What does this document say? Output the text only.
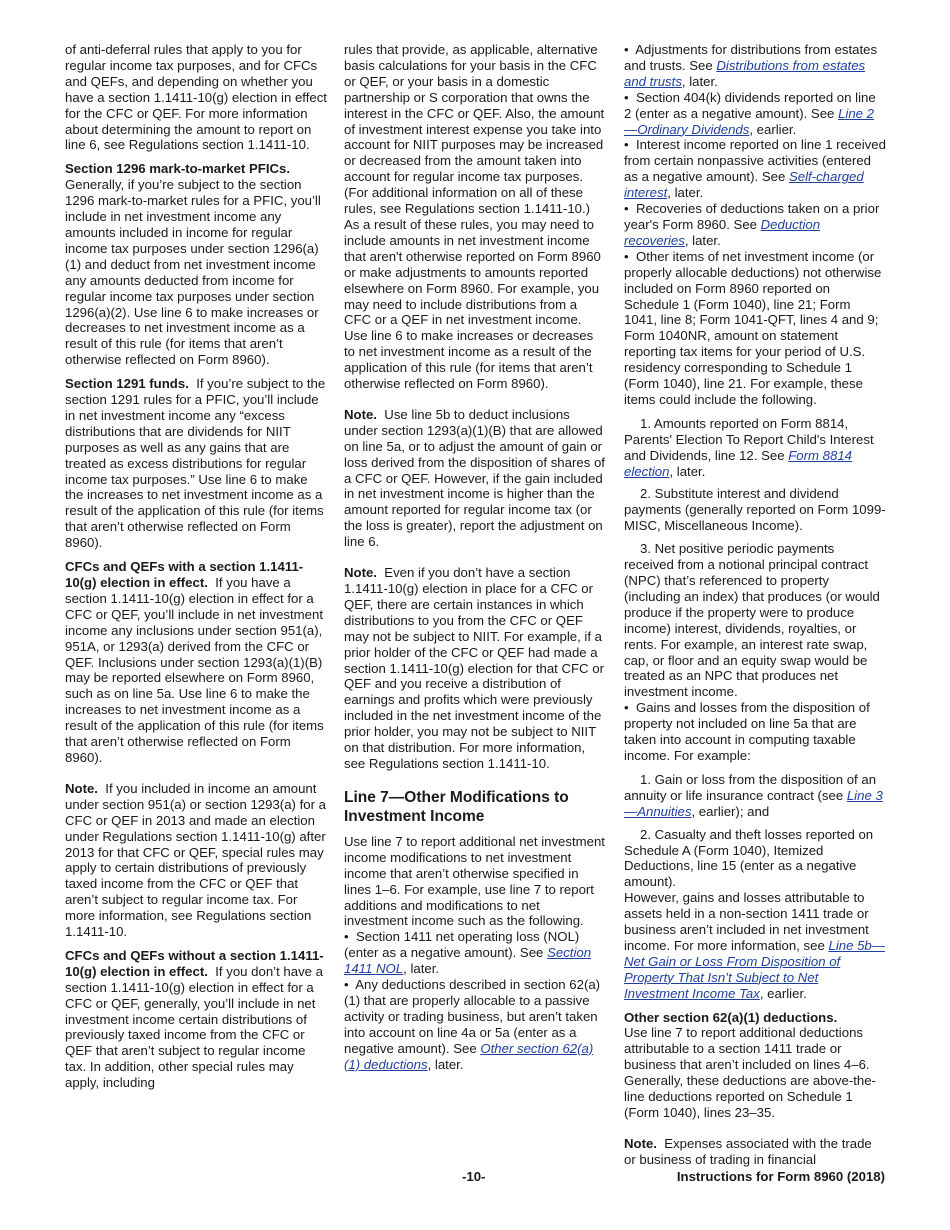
of anti-deferral rules that apply to you for regular income tax purposes, and for CFCs and QEFs, and depending on whether you have a section 1.1411-10(g) election in effect for the CFC or QEF. For more information about determining the amount to report on line 6, see Regulations section 1.1411-10.

Section 1296 mark-to-market PFICs. Generally, if you’re subject to the section 1296 mark-to-market rules for a PFIC, you’ll include in net investment income any amounts included in income for regular income tax purposes under section 1296(a)(1) and deduct from net investment income any amounts deducted from income for regular income tax purposes under section 1296(a)(2). Use line 6 to make increases or decreases to net investment income as a result of this rule (for items that aren’t otherwise reflected on Form 8960).

Section 1291 funds. If you’re subject to the section 1291 rules for a PFIC, you’ll include in net investment income any “excess distributions that are dividends for NIIT purposes as well as any gains that are treated as excess distributions for regular income tax purposes.” Use line 6 to make the increases to net investment income as a result of the application of this rule (for items that aren’t otherwise reflected on Form 8960).

CFCs and QEFs with a section 1.1411-10(g) election in effect. If you have a section 1.1411-10(g) election in effect for a CFC or QEF, you’ll include in net investment income any inclusions under section 951(a), 951A, or 1293(a) derived from the CFC or QEF. Inclusions under section 1293(a)(1)(B) may be reported elsewhere on Form 8960, such as on line 5a. Use line 6 to make the increases to net investment income as a result of the application of this rule (for items that aren’t otherwise reflected on Form 8960).

Note. If you included in income an amount under section 951(a) or section 1293(a) for a CFC or QEF in 2013 and made an election under Regulations section 1.1411-10(g) after 2013 for that CFC or QEF, special rules may apply to certain distributions of previously taxed income from the CFC or QEF that aren’t subject to regular income tax. For more information, see Regulations section 1.1411-10.

CFCs and QEFs without a section 1.1411-10(g) election in effect. If you don’t have a section 1.1411-10(g) election in effect for a CFC or QEF, generally, you’ll include in net investment income certain distributions of previously taxed income from the CFC or QEF that aren’t subject to regular income tax. In addition, other special rules may apply, including

rules that provide, as applicable, alternative basis calculations for your basis in the CFC or QEF, or your basis in a domestic partnership or S corporation that owns the interest in the CFC or QEF. Also, the amount of investment interest expense you take into account for NIIT purposes may be increased or decreased from the amount taken into account for regular income tax purposes. (For additional information on all of these rules, see Regulations section 1.1411-10.) As a result of these rules, you may need to include amounts in net investment income that aren't otherwise reported on Form 8960 or make adjustments to amounts reported elsewhere on Form 8960. For example, you may need to include distributions from a CFC or a QEF in net investment income. Use line 6 to make increases or decreases to net investment income as a result of the application of this rule (for items that aren’t otherwise reflected on Form 8960).

Note. Use line 5b to deduct inclusions under section 1293(a)(1)(B) that are allowed on line 5a, or to adjust the amount of gain or loss derived from the disposition of shares of a CFC or QEF. However, if the gain included in net investment income is higher than the amount reported for regular income tax (or the loss is greater), report the adjustment on line 6.

Note. Even if you don’t have a section 1.1411-10(g) election in place for a CFC or QEF, there are certain instances in which distributions to you from the CFC or QEF may not be subject to NIIT. For example, if a prior holder of the CFC or QEF had made a section 1.1411-10(g) election for that CFC or QEF and you receive a distribution of earnings and profits which were previously included in the net investment income of the prior holder, you may not be subject to NIIT on that distribution. For more information, see Regulations section 1.1411-10.

Line 7—Other Modifications to Investment Income

Use line 7 to report additional net investment income modifications to net investment income that aren’t otherwise specified in lines 1–6. For example, use line 7 to report additions and modifications to net investment income such as the following.

• Section 1411 net operating loss (NOL) (enter as a negative amount). See Section 1411 NOL, later.

• Any deductions described in section 62(a)(1) that are properly allocable to a passive activity or trading business, but aren’t taken into account on line 4a or 5a (enter as a negative amount). See Other section 62(a)(1) deductions, later.

• Adjustments for distributions from estates and trusts. See Distributions from estates and trusts, later.

• Section 404(k) dividends reported on line 2 (enter as a negative amount). See Line 2—Ordinary Dividends, earlier.

• Interest income reported on line 1 received from certain nonpassive activities (entered as a negative amount). See Self-charged interest, later.

• Recoveries of deductions taken on a prior year's Form 8960. See Deduction recoveries, later.

• Other items of net investment income (or properly allocable deductions) not otherwise included on Form 8960 reported on Schedule 1 (Form 1040), line 21; Form 1041, line 8; Form 1041-QFT, lines 4 and 9; Form 1040NR, amount on statement reporting tax items for your period of U.S. residency corresponding to Schedule 1 (Form 1040), line 21. For example, these items could include the following.

1. Amounts reported on Form 8814, Parents' Election To Report Child's Interest and Dividends, line 12. See Form 8814 election, later.

2. Substitute interest and dividend payments (generally reported on Form 1099-MISC, Miscellaneous Income).

3. Net positive periodic payments received from a notional principal contract (NPC) that’s referenced to property (including an index) that produces (or would produce if the property were to produce income) interest, dividends, royalties, or rents. For example, an interest rate swap, cap, or floor and an equity swap would be treated as an NPC that produces net investment income.

• Gains and losses from the disposition of property not included on line 5a that are taken into account in computing taxable income. For example:

1. Gain or loss from the disposition of an annuity or life insurance contract (see Line 3—Annuities, earlier); and

2. Casualty and theft losses reported on Schedule A (Form 1040), Itemized Deductions, line 15 (enter as a negative amount).

However, gains and losses attributable to assets held in a non-section 1411 trade or business aren’t included in net investment income. For more information, see Line 5b—Net Gain or Loss From Disposition of Property That Isn’t Subject to Net Investment Income Tax, earlier.

Other section 62(a)(1) deductions.
Use line 7 to report additional deductions attributable to a section 1411 trade or business that aren’t included on lines 4–6. Generally, these deductions are above-the-line deductions reported on Schedule 1 (Form 1040), lines 23–35.

Note. Expenses associated with the trade or business of trading in financial

-10-	Instructions for Form 8960 (2018)
